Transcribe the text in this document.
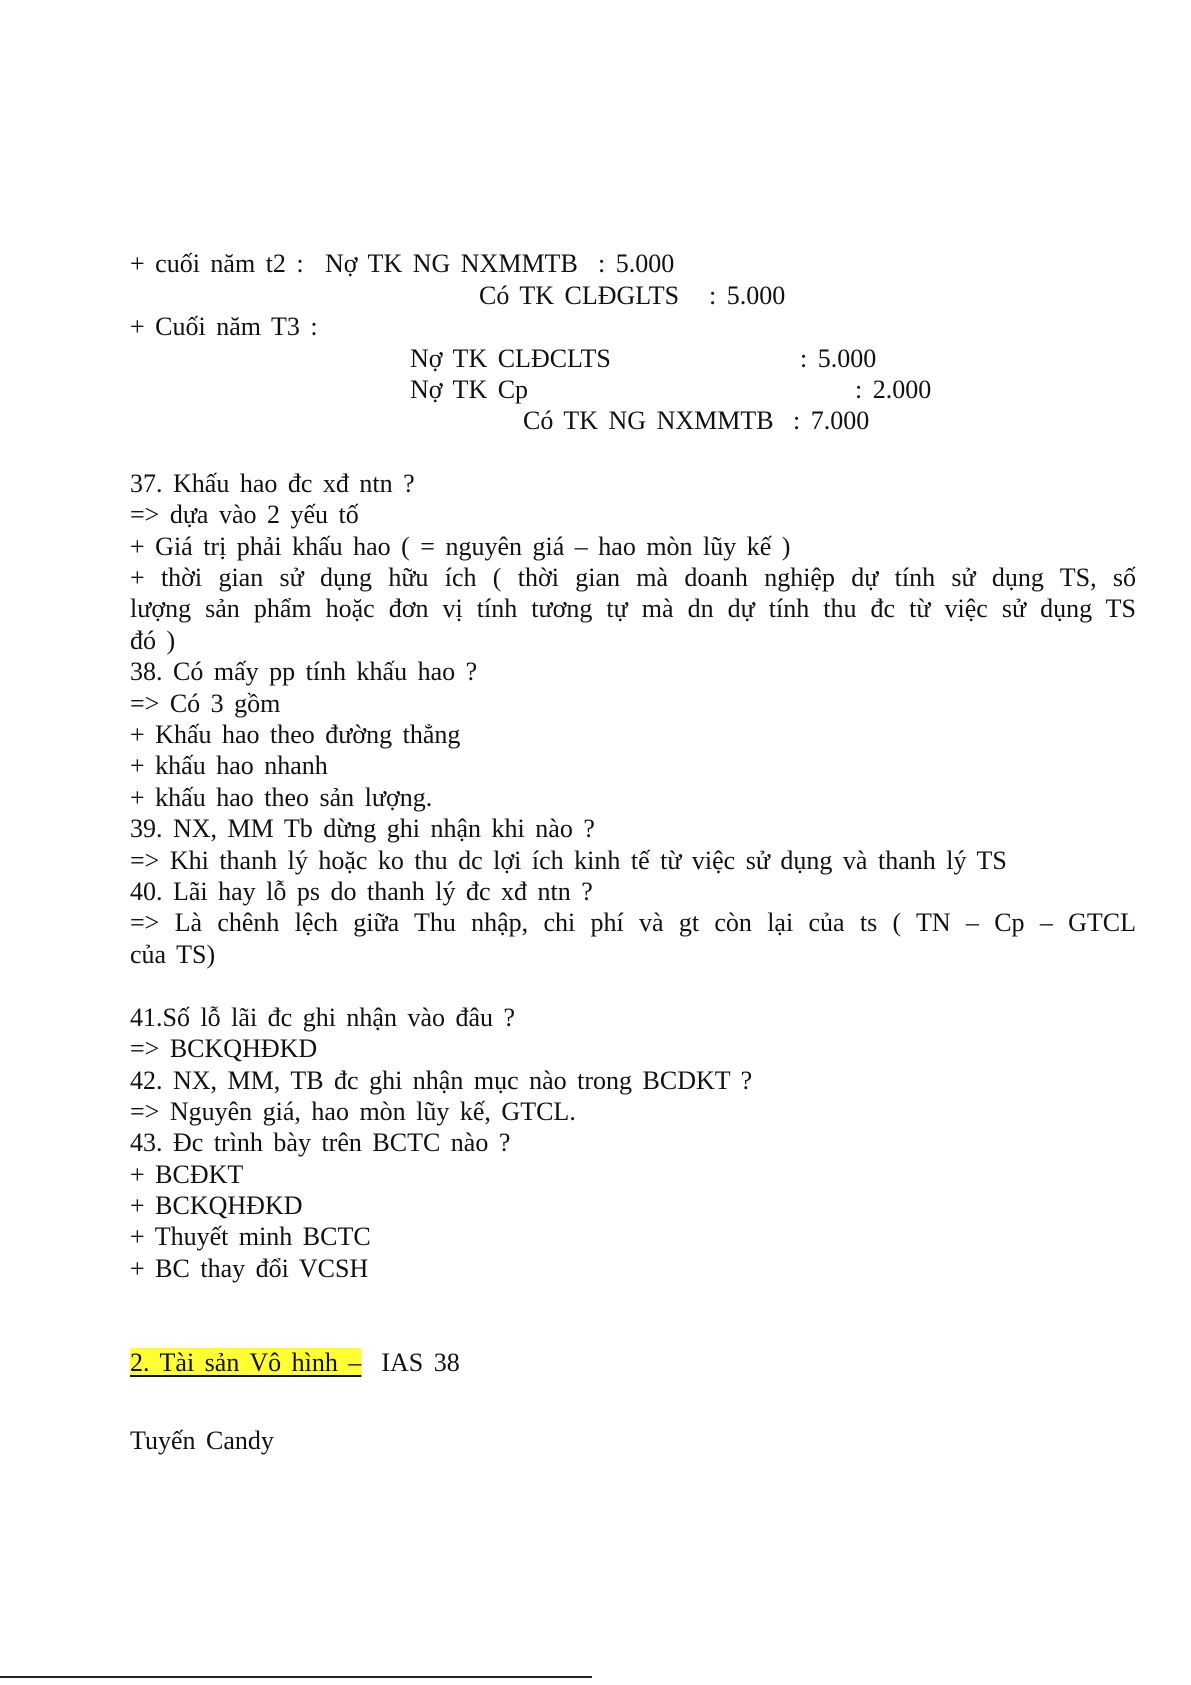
+ cuối năm t2 : Nợ TK NG NXMMTB : 5.000
Có TK CLĐGLTS : 5.000
+ Cuối năm T3 :
Nợ TK CLĐCLTS	: 5.000
Nợ TK Cp	: 2.000
Có TK NG NXMMTB : 7.000
37. Khấu hao đc xđ ntn ?
=> dựa vào 2 yếu tố
+ Giá trị phải khấu hao ( = nguyên giá – hao mòn lũy kế )
+ thời gian sử dụng hữu ích ( thời gian mà doanh nghiệp dự tính sử dụng TS, số
lượng sản phẩm hoặc đơn vị tính tương tự mà dn dự tính thu đc từ việc sử dụng TS
đó )
38. Có mấy pp tính khấu hao ?
=> Có 3 gồm
+ Khấu hao theo đường thẳng
+ khấu hao nhanh
+ khấu hao theo sản lượng.
39. NX, MM Tb dừng ghi nhận khi nào ?
=> Khi thanh lý hoặc ko thu dc lợi ích kinh tế từ việc sử dụng và thanh lý TS
40. Lãi hay lỗ ps do thanh lý đc xđ ntn ?
=> Là chênh lệch giữa Thu nhập, chi phí và gt còn lại của ts ( TN – Cp – GTCL
của TS)
41.Số lỗ lãi đc ghi nhận vào đâu ?
=> BCKQHĐKD
42. NX, MM, TB đc ghi nhận mục nào trong BCDKT ?
=> Nguyên giá, hao mòn lũy kế, GTCL.
43. Đc trình bày trên BCTC nào ?
+ BCĐKT
+ BCKQHĐKD
+ Thuyết minh BCTC
+ BC thay đổi VCSH
2. Tài sản Vô hình – IAS 38
Tuyến Candy
